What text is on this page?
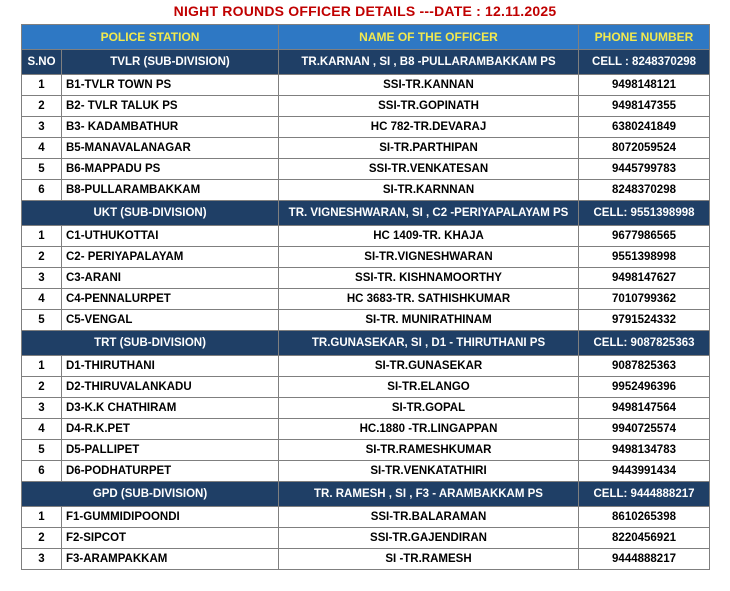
NIGHT ROUNDS OFFICER DETAILS ---DATE : 12.11.2025
POLICE STATION		NAME OF THE OFFICER	PHONE NUMBER
S.NO	TVLR (SUB-DIVISION)	TR.KARNAN , SI , B8 -PULLARAMBAKKAM PS	CELL : 8248370298
1	B1-TVLR TOWN PS	SSI-TR.KANNAN	9498148121
2	B2- TVLR TALUK PS	SSI-TR.GOPINATH	9498147355
3	B3- KADAMBATHUR	HC 782-TR.DEVARAJ	6380241849
4	B5-MANAVALANAGAR	SI-TR.PARTHIPAN	8072059524
5	B6-MAPPADU PS	SSI-TR.VENKATESAN	9445799783
6	B8-PULLARAMBAKKAM	SI-TR.KARNNAN	8248370298
UKT (SUB-DIVISION)		TR. VIGNESHWARAN, SI , C2 -PERIYAPALAYAM PS	CELL: 9551398998
1	C1-UTHUKOTTAI	HC 1409-TR. KHAJA	9677986565
2	C2- PERIYAPALAYAM	SI-TR.VIGNESHWARAN	9551398998
3	C3-ARANI	SSI-TR. KISHNAMOORTHY	9498147627
4	C4-PENNALURPET	HC 3683-TR. SATHISHKUMAR	7010799362
5	C5-VENGAL	SI-TR. MUNIRATHINAM	9791524332
TRT (SUB-DIVISION)		TR.GUNASEKAR, SI , D1 - THIRUTHANI PS	CELL: 9087825363
1	D1-THIRUTHANI	SI-TR.GUNASEKAR	9087825363
2	D2-THIRUVALANKADU	SI-TR.ELANGO	9952496396
3	D3-K.K CHATHIRAM	SI-TR.GOPAL	9498147564
4	D4-R.K.PET	HC.1880 -TR.LINGAPPAN	9940725574
5	D5-PALLIPET	SI-TR.RAMESHKUMAR	9498134783
6	D6-PODHATURPET	SI-TR.VENKATATHIRI	9443991434
GPD (SUB-DIVISION)		TR. RAMESH , SI , F3 - ARAMBAKKAM PS	CELL: 9444888217
1	F1-GUMMIDIPOONDI	SSI-TR.BALARAMAN	8610265398
2	F2-SIPCOT	SSI-TR.GAJENDIRAN	8220456921
3	F3-ARAMPAKKAM	SI -TR.RAMESH	9444888217
